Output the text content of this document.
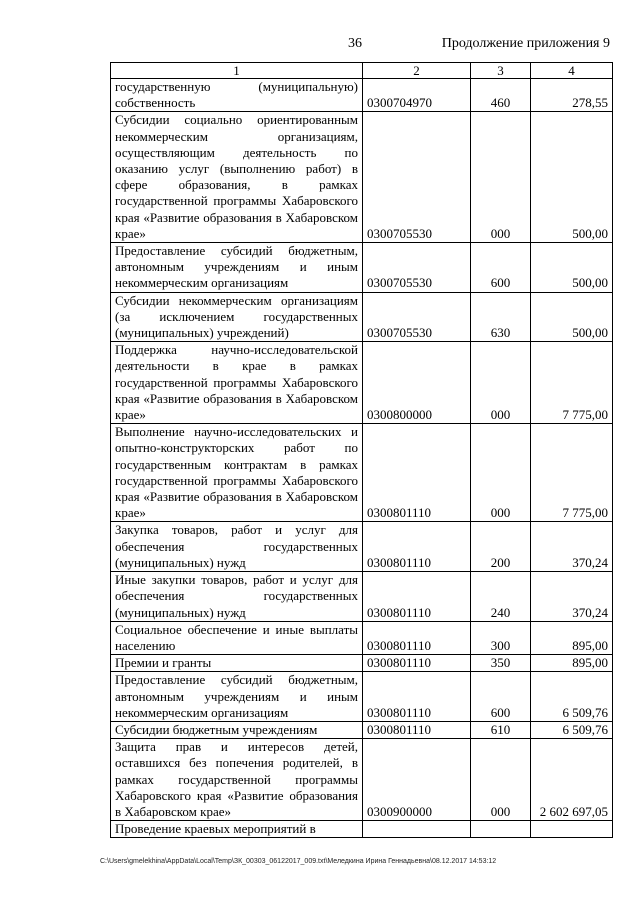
36	Продолжение приложения 9
1	2	3	4
государственную (муниципальную) собственность	0300704970	460	278,55
Субсидии социально ориентированным некоммерческим организациям, осуществляющим деятельность по оказанию услуг (выполнению работ) в сфере образования, в рамках государственной программы Хабаровского края «Развитие образования в Хабаровском крае»	0300705530	000	500,00
Предоставление субсидий бюджетным, автономным учреждениям и иным некоммерческим организациям	0300705530	600	500,00
Субсидии некоммерческим организациям (за исключением государственных (муниципальных) учреждений)	0300705530	630	500,00
Поддержка научно-исследовательской деятельности в крае в рамках государственной программы Хабаровского края «Развитие образования в Хабаровском крае»	0300800000	000	7 775,00
Выполнение научно-исследовательских и опытно-конструкторских работ по государственным контрактам в рамках государственной программы Хабаровского края «Развитие образования в Хабаровском крае»	0300801110	000	7 775,00
Закупка товаров, работ и услуг для обеспечения государственных (муниципальных) нужд	0300801110	200	370,24
Иные закупки товаров, работ и услуг для обеспечения государственных (муниципальных) нужд	0300801110	240	370,24
Социальное обеспечение и иные выплаты населению	0300801110	300	895,00
Премии и гранты	0300801110	350	895,00
Предоставление субсидий бюджетным, автономным учреждениям и иным некоммерческим организациям	0300801110	600	6 509,76
Субсидии бюджетным учреждениям	0300801110	610	6 509,76
Защита прав и интересов детей, оставшихся без попечения родителей, в рамках государственной программы Хабаровского края «Развитие образования в Хабаровском крае»	0300900000	000	2 602 697,05
Проведение краевых мероприятий в			
C:\Users\gmelekhina\AppData\Local\Temp\ЗК_00303_06122017_009.txt\Меледкина Ирина Геннадьевна\08.12.2017 14:53:12
